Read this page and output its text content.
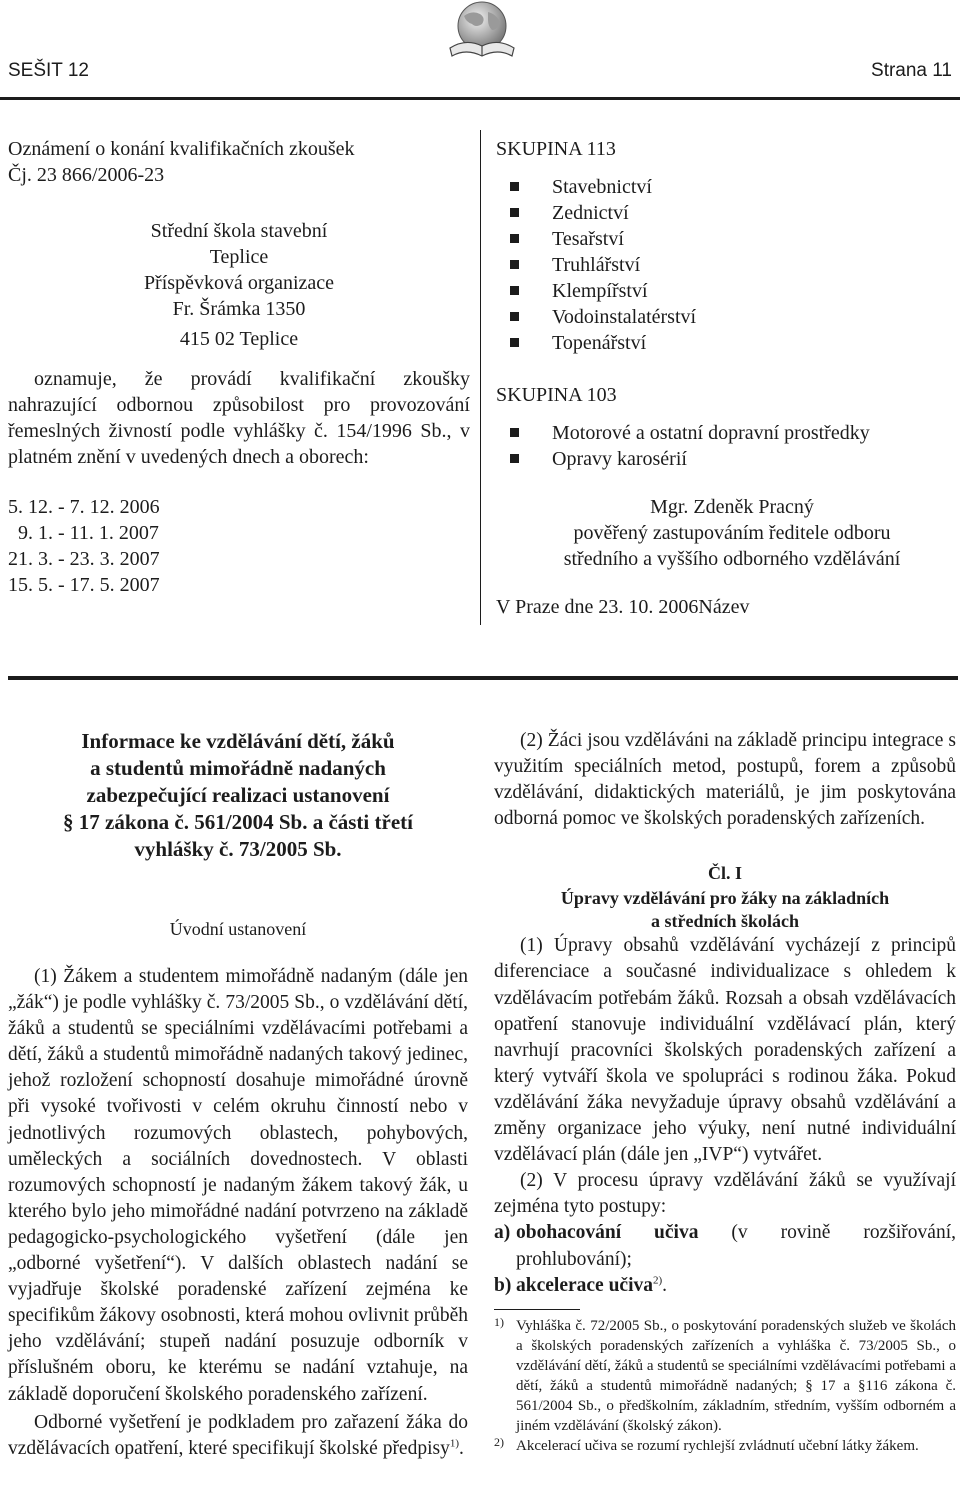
SEŠIT 12	Strana 11
Oznámení o konání kvalifikačních zkoušek
Čj. 23 866/2006-23
Střední škola stavební
Teplice
Příspěvková organizace
Fr. Šrámka 1350
415 02 Teplice
oznamuje, že provádí kvalifikační zkoušky nahrazující odbornou způsobilost pro provozování řemeslných živností podle vyhlášky č. 154/1996 Sb., v platném znění v uvedených dnech a oborech:
5. 12. - 7. 12. 2006
9. 1. - 11. 1. 2007
21. 3. - 23. 3. 2007
15. 5. - 17. 5. 2007
SKUPINA 113
Stavebnictví
Zednictví
Tesařství
Truhlářství
Klempířství
Vodoinstalatérství
Topenářství
SKUPINA 103
Motorové a ostatní dopravní prostředky
Opravy karosérií
Mgr. Zdeněk Pracný
pověřený zastupováním ředitele odboru
středního a vyššího odborného vzdělávání
V Praze dne 23. 10. 2006Název
Informace ke vzdělávání dětí, žáků
a studentů mimořádně nadaných
zabezpečující realizaci ustanovení
§ 17 zákona č. 561/2004 Sb. a části třetí
vyhlášky č. 73/2005 Sb.
Úvodní ustanovení
(1) Žákem a studentem mimořádně nadaným (dále jen „žák“) je podle vyhlášky č. 73/2005 Sb., o vzdělávání dětí, žáků a studentů se speciálními vzdělávacími potřebami a dětí, žáků a studentů mimořádně nadaných takový jedinec, jehož rozložení schopností dosahuje mimořádné úrovně při vysoké tvořivosti v celém okruhu činností nebo v jednotlivých rozumových oblastech, pohybových, uměleckých a sociálních dovednostech. V oblasti rozumových schopností je nadaným žákem takový žák, u kterého bylo jeho mimořádné nadání potvrzeno na základě pedagogicko-psychologického vyšetření (dále jen „odborné vyšetření“). V dalších oblastech nadání se vyjadřuje školské poradenské zařízení zejména ke specifikům žákovy osobnosti, která mohou ovlivnit průběh jeho vzdělávání; stupeň nadání posuzuje odborník v příslušném oboru, ke kterému se nadání vztahuje, na základě doporučení školského poradenského zařízení.
Odborné vyšetření je podkladem pro zařazení žáka do vzdělávacích opatření, které specifikují školské předpisy$^{1)}$.
(2) Žáci jsou vzděláváni na základě principu integrace s využitím speciálních metod, postupů, forem a způsobů vzdělávání, didaktických materiálů, je jim poskytována odborná pomoc ve školských poradenských zařízeních.
Čl. I
Úpravy vzdělávání pro žáky na základních
a středních školách
(1) Úpravy obsahů vzdělávání vycházejí z principů diferenciace a současné individualizace s ohledem k vzdělávacím potřebám žáků. Rozsah a obsah vzdělávacích opatření stanovuje individuální vzdělávací plán, který navrhují pracovníci školských poradenských zařízení a který vytváří škola ve spolupráci s rodinou žáka. Pokud vzdělávání žáka nevyžaduje úpravy obsahů vzdělávání a změny organizace jeho výuky, není nutné individuální vzdělávací plán (dále jen „IVP“) vytvářet.
(2) V procesu úpravy vzdělávání žáků se využívají zejména tyto postupy:
a) obohacování učiva (v rovině rozšiřování, prohlubování);
b) akcelerace učiva$^{2)}$.
1) Vyhláška č. 72/2005 Sb., o poskytování poradenských služeb ve školách a školských poradenských zařízeních a vyhláška č. 73/2005 Sb., o vzdělávání dětí, žáků a studentů se speciálními vzdělávacími potřebami a dětí, žáků a studentů mimořádně nadaných; § 17 a §116 zákona č. 561/2004 Sb., o předškolním, základním, středním, vyšším odborném a jiném vzdělávání (školský zákon).
2) Akcelerací učiva se rozumí rychlejší zvládnutí učební látky žákem.
